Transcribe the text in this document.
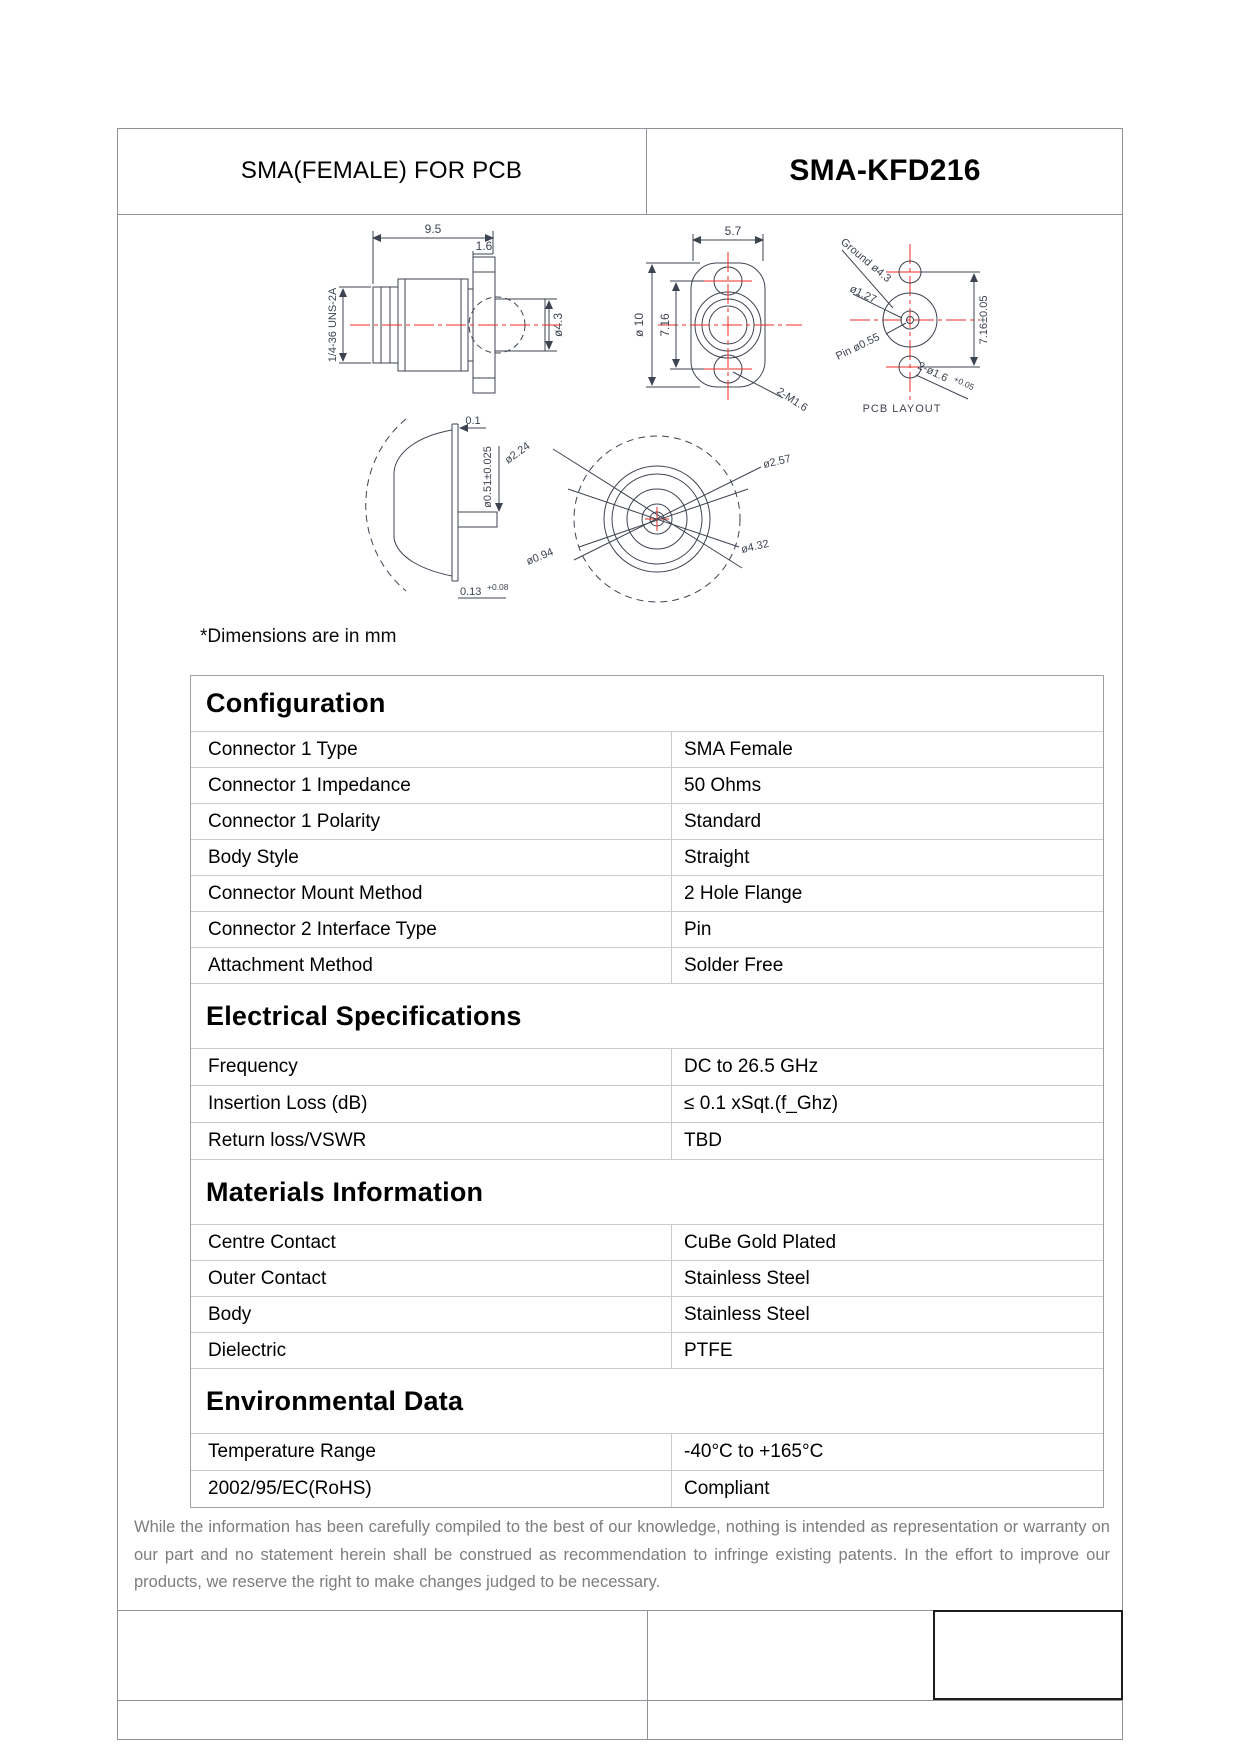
SMA(FEMALE) FOR PCB	SMA-KFD216
9.5
1.6
ø4.3
1/4-36 UNS-2A
5.7
ø 10 7.16
2-M1.6
7.16±0.05
Ground ø4.3
ø1.27
Pin ø0.55
2-ø1.6 +0.05
PCB LAYOUT
0.1
ø0.51±0.025
0.13 +0.08
ø2.24	ø2.57
ø0.94	ø4.32
*Dimensions are in mm
Configuration
Connector 1 Type	SMA Female
Connector 1 Impedance	50 Ohms
Connector 1 Polarity	Standard
Body Style	Straight
Connector Mount Method	2 Hole Flange
Connector 2 Interface Type	Pin
Attachment Method	Solder Free
Electrical Specifications
Frequency	DC to 26.5 GHz
Insertion Loss (dB)	≤ 0.1 xSqt.(f_Ghz)
Return loss/VSWR	TBD
Materials Information
Centre Contact	CuBe Gold Plated
Outer Contact	Stainless Steel
Body	Stainless Steel
Dielectric	PTFE
Environmental Data
Temperature Range	-40°C to +165°C
2002/95/EC(RoHS)	Compliant
While the information has been carefully compiled to the best of our knowledge, nothing is intended as representation or warranty on our part and no statement herein shall be construed as recommendation to infringe existing patents. In the effort to improve our products, we reserve the right to make changes judged to be necessary.
